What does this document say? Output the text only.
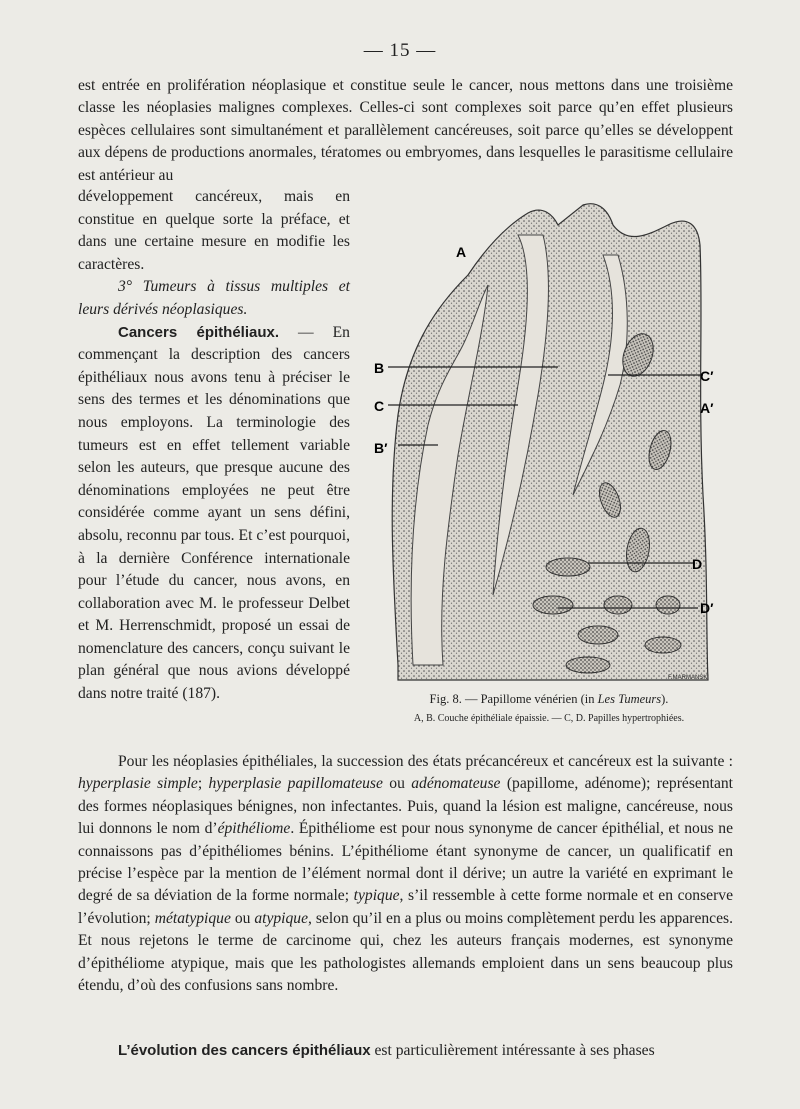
— 15 —
est entrée en prolifération néoplasique et constitue seule le cancer, nous mettons dans une troisième classe les néoplasies malignes complexes. Celles-ci sont complexes soit parce qu’en effet plusieurs espèces cellulaires sont simultanément et parallèlement cancéreuses, soit parce qu’elles se développent aux dépens de productions anormales, tératomes ou embryomes, dans lesquelles le parasitisme cellulaire est antérieur au
développement cancéreux, mais en constitue en quelque sorte la préface, et dans une certaine mesure en modifie les caractères.
3° Tumeurs à tissus multiples et leurs dérivés néoplasiques.
Cancers épithéliaux. — En commençant la description des cancers épithéliaux nous avons tenu à préciser le sens des termes et les dénominations que nous employons. La terminologie des tumeurs est en effet tellement variable selon les auteurs, que presque aucune des dénominations employées ne peut être considérée comme ayant un sens défini, absolu, reconnu par tous. Et c’est pourquoi, à la dernière Conférence internationale pour l’étude du cancer, nous avons, en collaboration avec M. le professeur Delbet et M. Herrenschmidt, proposé un essai de nomenclature des cancers, conçu suivant le plan général que nous avions développé dans notre traité (187).
A
B
C
B′
C′
A′
D
D′
F.MARMANSKI
Fig. 8. — Papillome vénérien (in Les Tumeurs).
A, B. Couche épithéliale épaissie. — C, D. Papilles hypertrophiées.
Pour les néoplasies épithéliales, la succession des états précancéreux et cancéreux est la suivante : hyperplasie simple; hyperplasie papillomateuse ou adénomateuse (papillome, adénome); représentant des formes néoplasiques bénignes, non infectantes. Puis, quand la lésion est maligne, cancéreuse, nous lui donnons le nom d’épithéliome. Épithéliome est pour nous synonyme de cancer épithélial, et nous ne connaissons pas d’épithéliomes bénins. L’épithéliome étant synonyme de cancer, un qualificatif en précise l’espèce par la mention de l’élément normal dont il dérive; un autre la variété en exprimant le degré de sa déviation de la forme normale; typique, s’il ressemble à cette forme normale et en conserve l’évolution; métatypique ou atypique, selon qu’il en a plus ou moins complètement perdu les apparences. Et nous rejetons le terme de carcinome qui, chez les auteurs français modernes, est synonyme d’épithéliome atypique, mais que les pathologistes allemands emploient dans un sens beaucoup plus étendu, d’où des confusions sans nombre.
L’évolution des cancers épithéliaux est particulièrement intéressante à ses phases
